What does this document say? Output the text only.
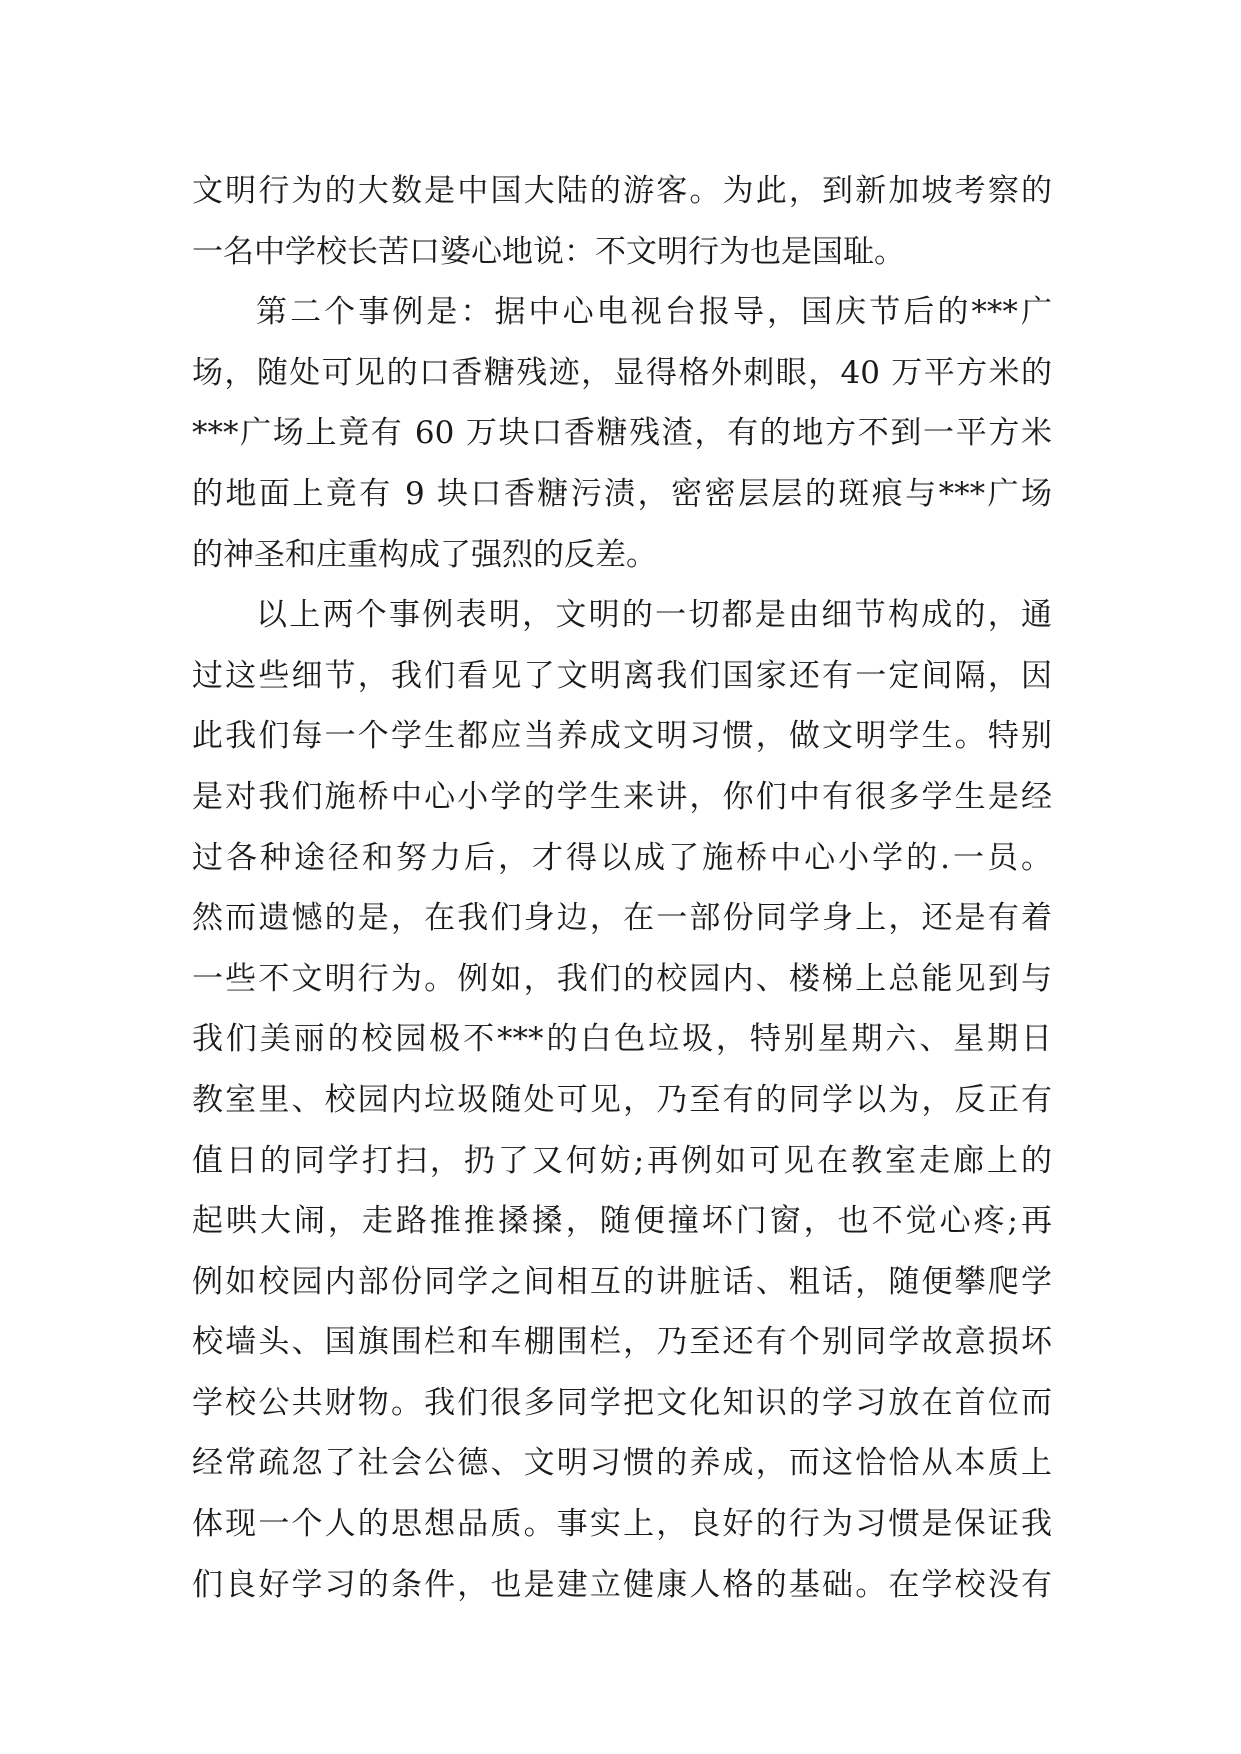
文明行为的大数是中国大陆的游客。为此，到新加坡考察的
一名中学校长苦口婆心地说：不文明行为也是国耻。
第二个事例是：据中心电视台报导，国庆节后的***广
场，随处可见的口香糖残迹，显得格外刺眼，40 万平方米的
***广场上竟有 60 万块口香糖残渣，有的地方不到一平方米
的地面上竟有 9 块口香糖污渍，密密层层的斑痕与***广场
的神圣和庄重构成了强烈的反差。
以上两个事例表明，文明的一切都是由细节构成的，通
过这些细节，我们看见了文明离我们国家还有一定间隔，因
此我们每一个学生都应当养成文明习惯，做文明学生。特别
是对我们施桥中心小学的学生来讲，你们中有很多学生是经
过各种途径和努力后，才得以成了施桥中心小学的.一员。
然而遗憾的是，在我们身边，在一部份同学身上，还是有着
一些不文明行为。例如，我们的校园内、楼梯上总能见到与
我们美丽的校园极不***的白色垃圾，特别星期六、星期日
教室里、校园内垃圾随处可见，乃至有的同学以为，反正有
值日的同学打扫，扔了又何妨;再例如可见在教室走廊上的
起哄大闹，走路推推搡搡，随便撞坏门窗，也不觉心疼;再
例如校园内部份同学之间相互的讲脏话、粗话，随便攀爬学
校墙头、国旗围栏和车棚围栏，乃至还有个别同学故意损坏
学校公共财物。我们很多同学把文化知识的学习放在首位而
经常疏忽了社会公德、文明习惯的养成，而这恰恰从本质上
体现一个人的思想品质。事实上，良好的行为习惯是保证我
们良好学习的条件，也是建立健康人格的基础。在学校没有
